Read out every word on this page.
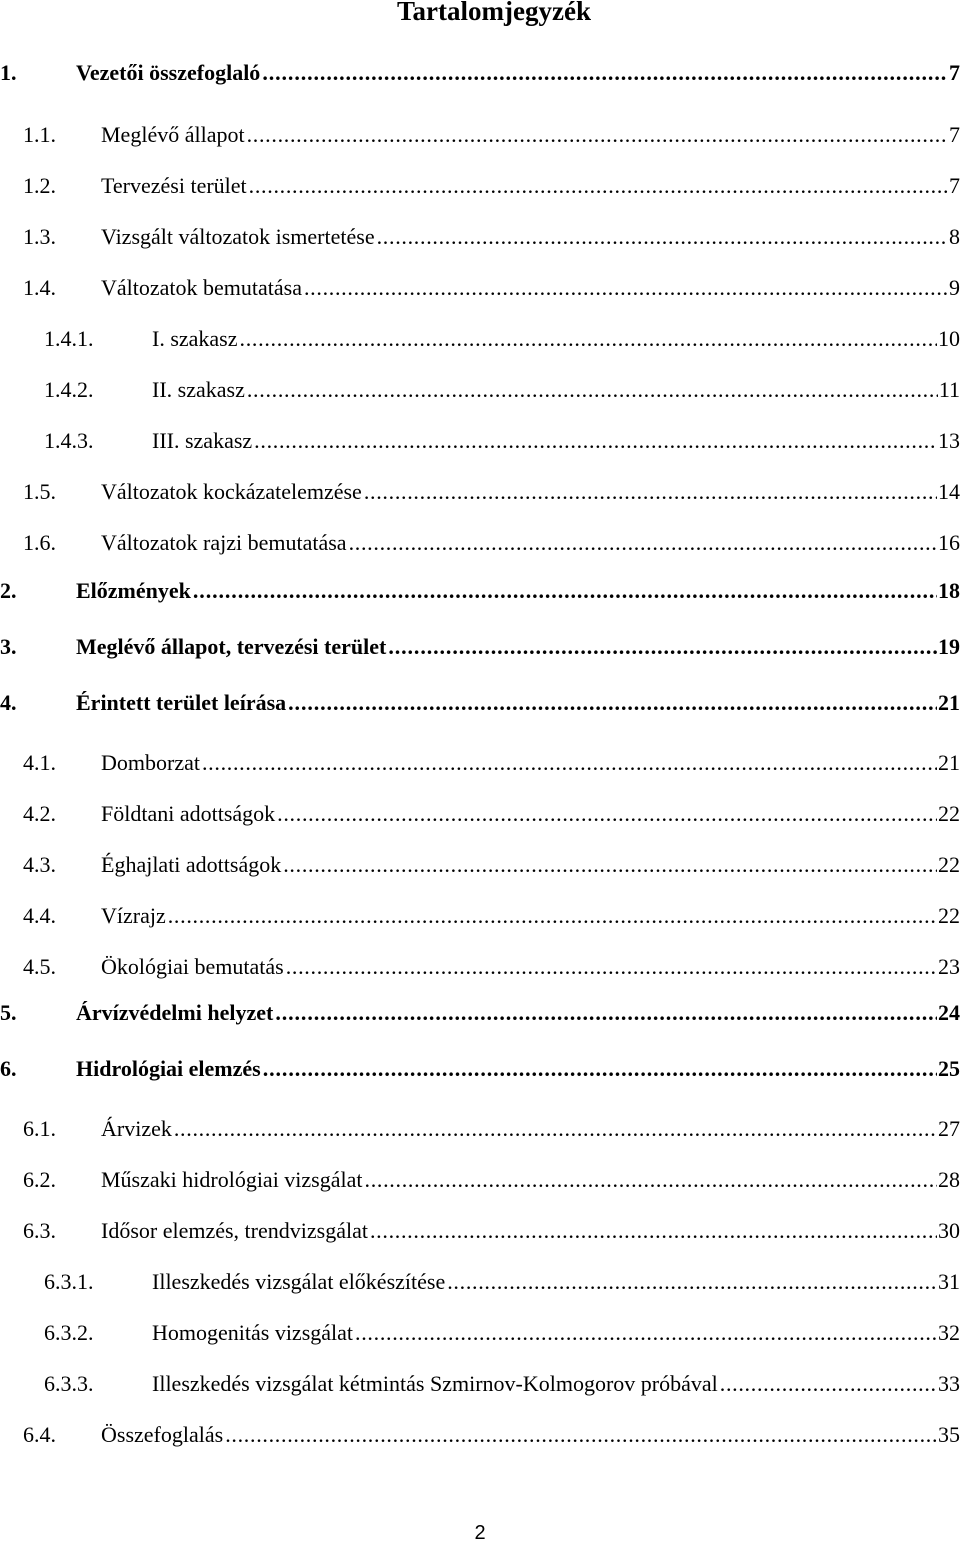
Tartalomjegyzék
1.	Vezetői összefoglaló . . .	7
1.1.	Meglévő állapot . . .	7
1.2.	Tervezési terület . . .	7
1.3.	Vizsgált változatok ismertetése . . .	8
1.4.	Változatok bemutatása . . .	9
1.4.1.	I. szakasz . . .	10
1.4.2.	II. szakasz . . .	11
1.4.3.	III. szakasz . . .	13
1.5.	Változatok kockázatelemzése . . .	14
1.6.	Változatok rajzi bemutatása . . .	16
2.	Előzmények . . .	18
3.	Meglévő állapot, tervezési terület . . .	19
4.	Érintett terület leírása . . .	21
4.1.	Domborzat . . .	21
4.2.	Földtani adottságok . . .	22
4.3.	Éghajlati adottságok . . .	22
4.4.	Vízrajz . . .	22
4.5.	Ökológiai bemutatás . . .	23
5.	Árvízvédelmi helyzet . . .	24
6.	Hidrológiai elemzés . . .	25
6.1.	Árvizek . . .	27
6.2.	Műszaki hidrológiai vizsgálat . . .	28
6.3.	Idősor elemzés, trendvizsgálat . . .	30
6.3.1.	Illeszkedés vizsgálat előkészítése . . .	31
6.3.2.	Homogenitás vizsgálat . . .	32
6.3.3.	Illeszkedés vizsgálat kétmintás Szmirnov-Kolmogorov próbával . . .	33
6.4.	Összefoglalás . . .	35
2
